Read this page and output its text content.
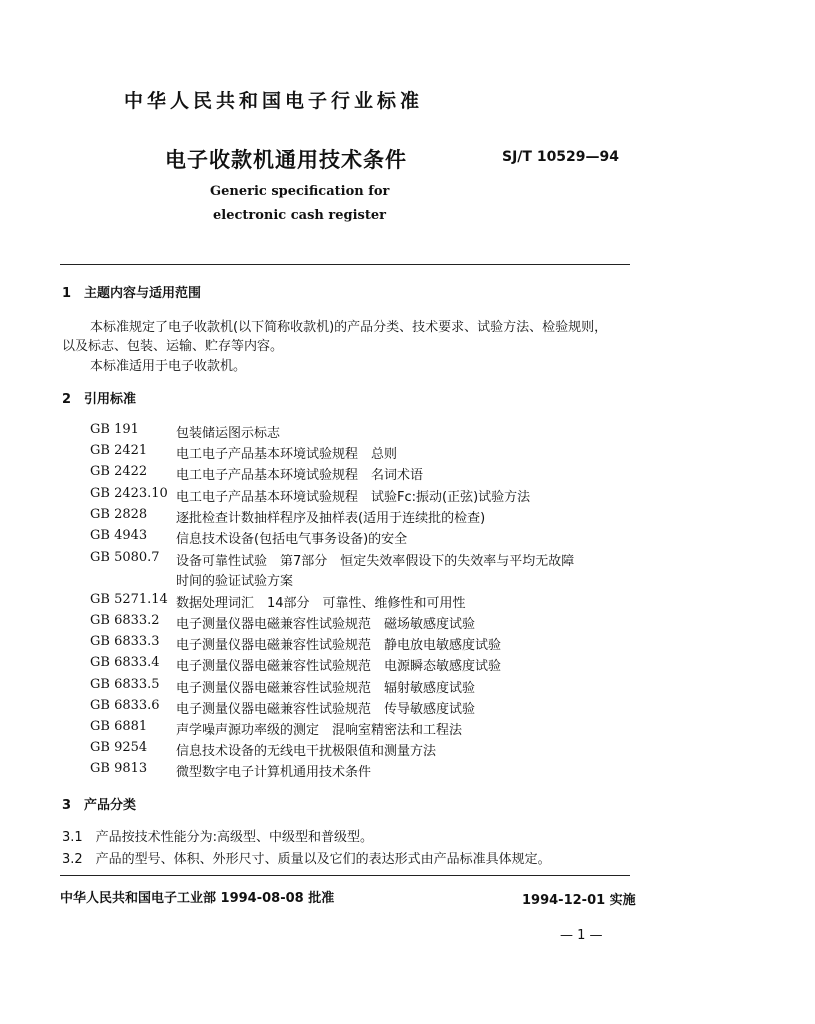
中华人民共和国电子行业标准
电子收款机通用技术条件	SJ/T 10529—94
Generic specification for
electronic cash register
1　主题内容与适用范围
本标准规定了电子收款机(以下简称收款机)的产品分类、技术要求、试验方法、检验规则，
以及标志、包装、运输、贮存等内容。
本标准适用于电子收款机。
2　引用标准
GB 191	包装储运图示标志
GB 2421 电工电子产品基本环境试验规程　总则
GB 2422 电工电子产品基本环境试验规程　名词术语
GB 2423.10 电工电子产品基本环境试验规程　试验Fc:振动(正弦)试验方法
GB 2828 逐批检查计数抽样程序及抽样表(适用于连续批的检查)
GB 4943 信息技术设备(包括电气事务设备)的安全
GB 5080.7 设备可靠性试验　第7部分　恒定失效率假设下的失效率与平均无故障
时间的验证试验方案
GB 5271.14 数据处理词汇　14部分　可靠性、维修性和可用性
GB 6833.2 电子测量仪器电磁兼容性试验规范　磁场敏感度试验
GB 6833.3 电子测量仪器电磁兼容性试验规范　静电放电敏感度试验
GB 6833.4 电子测量仪器电磁兼容性试验规范　电源瞬态敏感度试验
GB 6833.5 电子测量仪器电磁兼容性试验规范　辐射敏感度试验
GB 6833.6 电子测量仪器电磁兼容性试验规范　传导敏感度试验
GB 6881 声学噪声源功率级的测定　混响室精密法和工程法
GB 9254 信息技术设备的无线电干扰极限值和测量方法
GB 9813 微型数字电子计算机通用技术条件
3　产品分类
3.1　产品按技术性能分为:高级型、中级型和普级型。
3.2　产品的型号、体积、外形尺寸、质量以及它们的表达形式由产品标准具体规定。
中华人民共和国电子工业部 1994-08-08 批准	1994-12-01 实施
— 1 —
